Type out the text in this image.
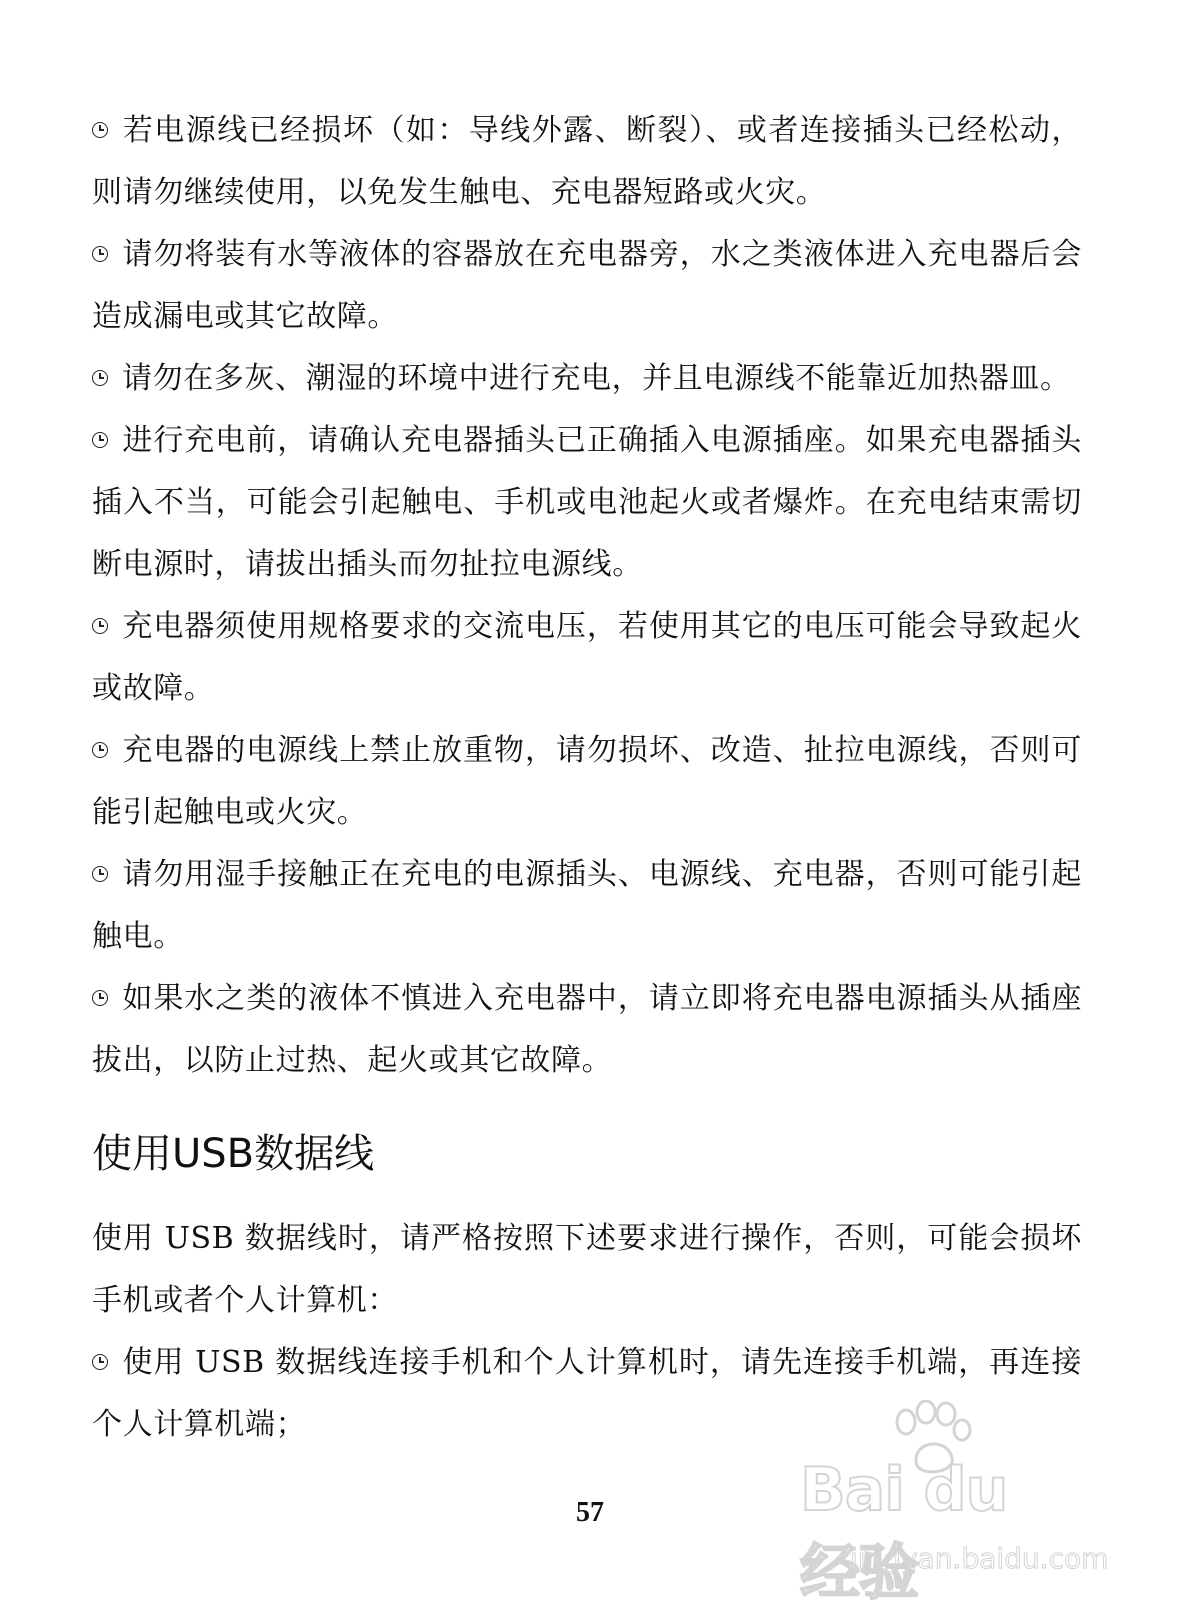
若电源线已经损坏（如：导线外露、断裂）、或者连接插头已经松动，则请勿继续使用，以免发生触电、充电器短路或火灾。

请勿将装有水等液体的容器放在充电器旁，水之类液体进入充电器后会造成漏电或其它故障。

请勿在多灰、潮湿的环境中进行充电，并且电源线不能靠近加热器皿。

进行充电前，请确认充电器插头已正确插入电源插座。如果充电器插头插入不当，可能会引起触电、手机或电池起火或者爆炸。在充电结束需切断电源时，请拔出插头而勿扯拉电源线。

充电器须使用规格要求的交流电压，若使用其它的电压可能会导致起火或故障。

充电器的电源线上禁止放重物，请勿损坏、改造、扯拉电源线，否则可能引起触电或火灾。

请勿用湿手接触正在充电的电源插头、电源线、充电器，否则可能引起触电。

如果水之类的液体不慎进入充电器中，请立即将充电器电源插头从插座拔出，以防止过热、起火或其它故障。

使用USB数据线

使用 USB 数据线时，请严格按照下述要求进行操作，否则，可能会损坏手机或者个人计算机：

使用 USB 数据线连接手机和个人计算机时，请先连接手机端，再连接个人计算机端；

57	Bai du 经验
jingyan.baidu.com
